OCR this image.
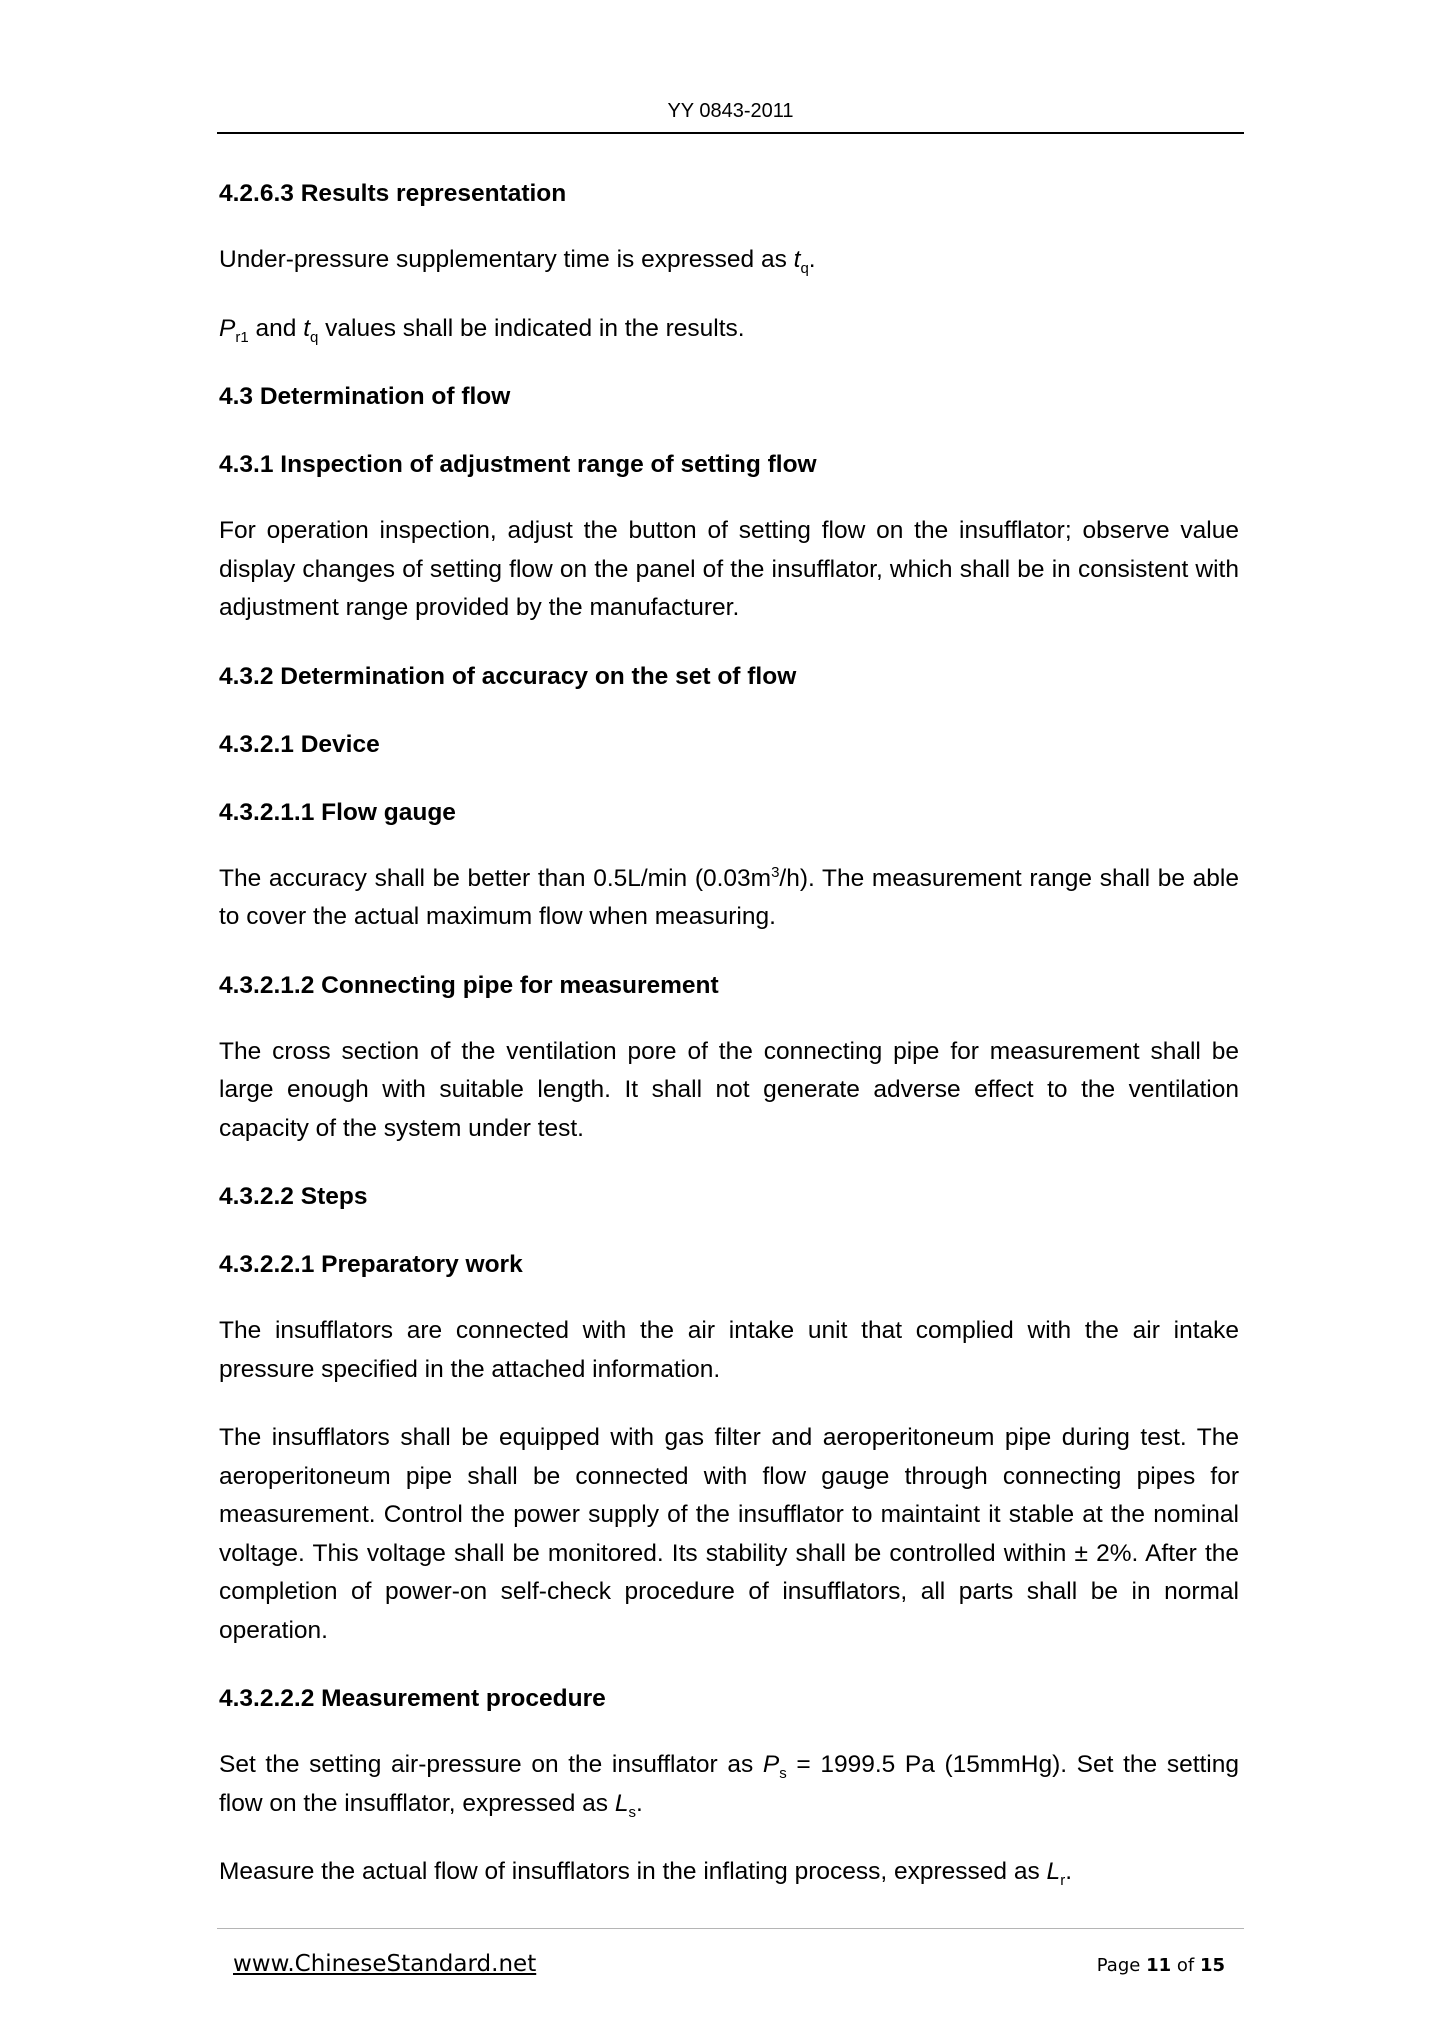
YY 0843-2011
4.2.6.3 Results representation

Under-pressure supplementary time is expressed as $t_q$.

$P_{r1}$ and $t_q$ values shall be indicated in the results.

4.3 Determination of flow
4.3.1 Inspection of adjustment range of setting flow

For operation inspection, adjust the button of setting flow on the insufflator; observe value display changes of setting flow on the panel of the insufflator, which shall be in consistent with adjustment range provided by the manufacturer.

4.3.2 Determination of accuracy on the set of flow
4.3.2.1 Device
4.3.2.1.1 Flow gauge

The accuracy shall be better than 0.5L/min $(0.03m^3/h)$. The measurement range shall be able to cover the actual maximum flow when measuring.

4.3.2.1.2 Connecting pipe for measurement

The cross section of the ventilation pore of the connecting pipe for measurement shall be large enough with suitable length. It shall not generate adverse effect to the ventilation capacity of the system under test.

4.3.2.2 Steps
4.3.2.2.1 Preparatory work

The insufflators are connected with the air intake unit that complied with the air intake pressure specified in the attached information.

The insufflators shall be equipped with gas filter and aeroperitoneum pipe during test. The aeroperitoneum pipe shall be connected with flow gauge through connecting pipes for measurement. Control the power supply of the insufflator to maintaint it stable at the nominal voltage. This voltage shall be monitored. Its stability shall be controlled within ± 2%. After the completion of power-on self-check procedure of insufflators, all parts shall be in normal operation.

4.3.2.2.2 Measurement procedure

Set the setting air-pressure on the insufflator as $P_s = 1999.5$ Pa (15mmHg). Set the setting flow on the insufflator, expressed as $L_s$.

Measure the actual flow of insufflators in the inflating process, expressed as $L_r$.

www.ChineseStandard.net	Page 11 of 15
